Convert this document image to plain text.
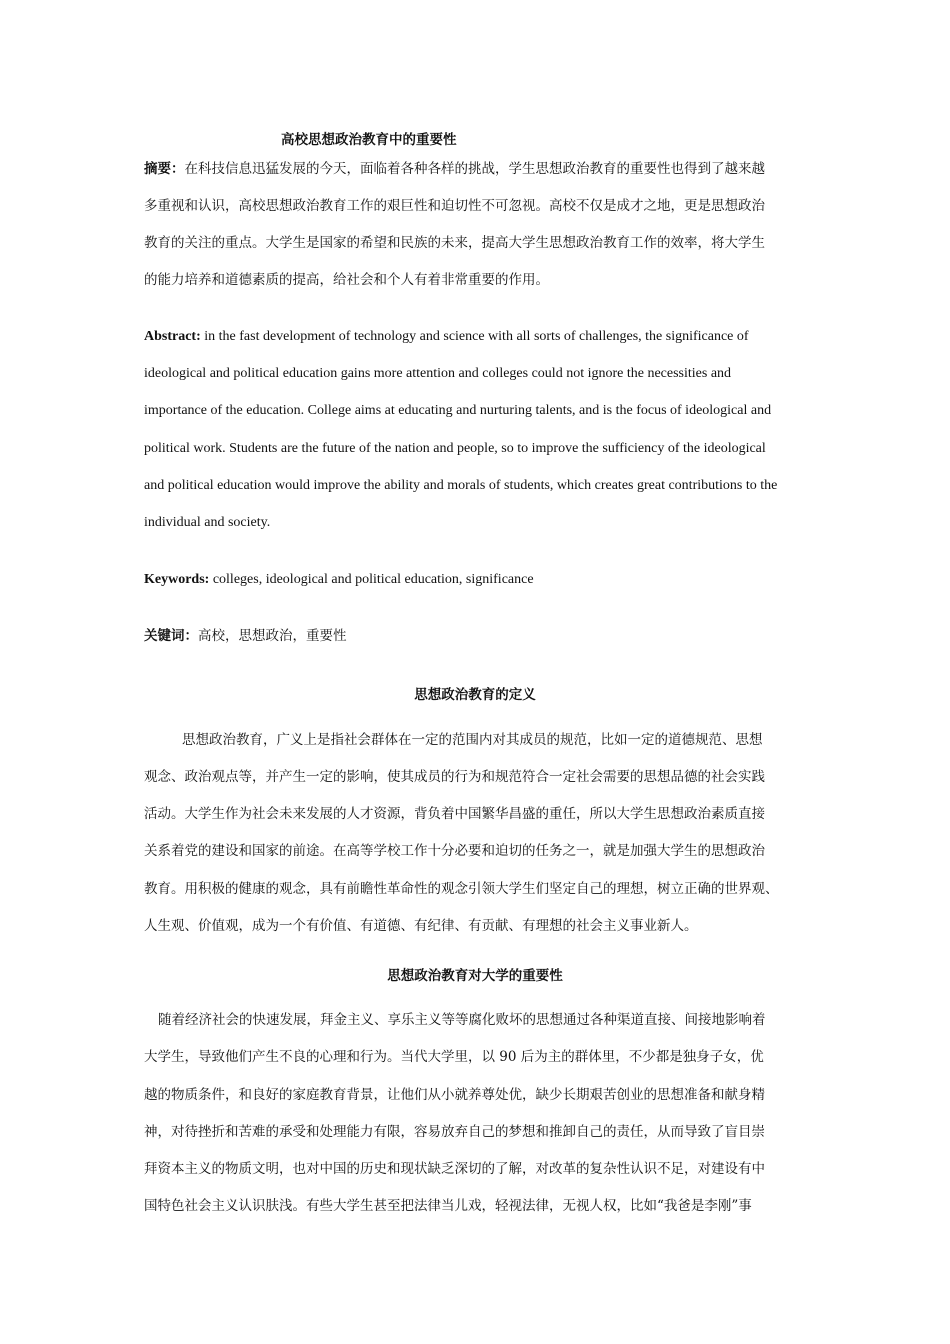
高校思想政治教育中的重要性
摘要：在科技信息迅猛发展的今天，面临着各种各样的挑战，学生思想政治教育的重要性也得到了越来越
多重视和认识，高校思想政治教育工作的艰巨性和迫切性不可忽视。高校不仅是成才之地，更是思想政治
教育的关注的重点。大学生是国家的希望和民族的未来，提高大学生思想政治教育工作的效率，将大学生
的能力培养和道德素质的提高，给社会和个人有着非常重要的作用。
Abstract: in the fast development of technology and science with all sorts of challenges, the significance of
ideological and political education gains more attention and colleges could not ignore the necessities and
importance of the education. College aims at educating and nurturing talents, and is the focus of ideological and
political work. Students are the future of the nation and people, so to improve the sufficiency of the ideological
and political education would improve the ability and morals of students, which creates great contributions to the
individual and society.
Keywords: colleges, ideological and political education, significance
关键词：高校，思想政治，重要性
思想政治教育的定义
思想政治教育，广义上是指社会群体在一定的范围内对其成员的规范，比如一定的道德规范、思想
观念、政治观点等，并产生一定的影响，使其成员的行为和规范符合一定社会需要的思想品德的社会实践
活动。大学生作为社会未来发展的人才资源，背负着中国繁华昌盛的重任，所以大学生思想政治素质直接
关系着党的建设和国家的前途。在高等学校工作十分必要和迫切的任务之一，就是加强大学生的思想政治
教育。用积极的健康的观念，具有前瞻性革命性的观念引领大学生们坚定自己的理想，树立正确的世界观、
人生观、价值观，成为一个有价值、有道德、有纪律、有贡献、有理想的社会主义事业新人。
思想政治教育对大学的重要性
随着经济社会的快速发展，拜金主义、享乐主义等等腐化败坏的思想通过各种渠道直接、间接地影响着
大学生，导致他们产生不良的心理和行为。当代大学里，以 90 后为主的群体里，不少都是独身子女，优
越的物质条件，和良好的家庭教育背景，让他们从小就养尊处优，缺少长期艰苦创业的思想准备和献身精
神，对待挫折和苦难的承受和处理能力有限，容易放弃自己的梦想和推卸自己的责任，从而导致了盲目崇
拜资本主义的物质文明，也对中国的历史和现状缺乏深切的了解，对改革的复杂性认识不足，对建设有中
国特色社会主义认识肤浅。有些大学生甚至把法律当儿戏，轻视法律，无视人权，比如“我爸是李刚”事
